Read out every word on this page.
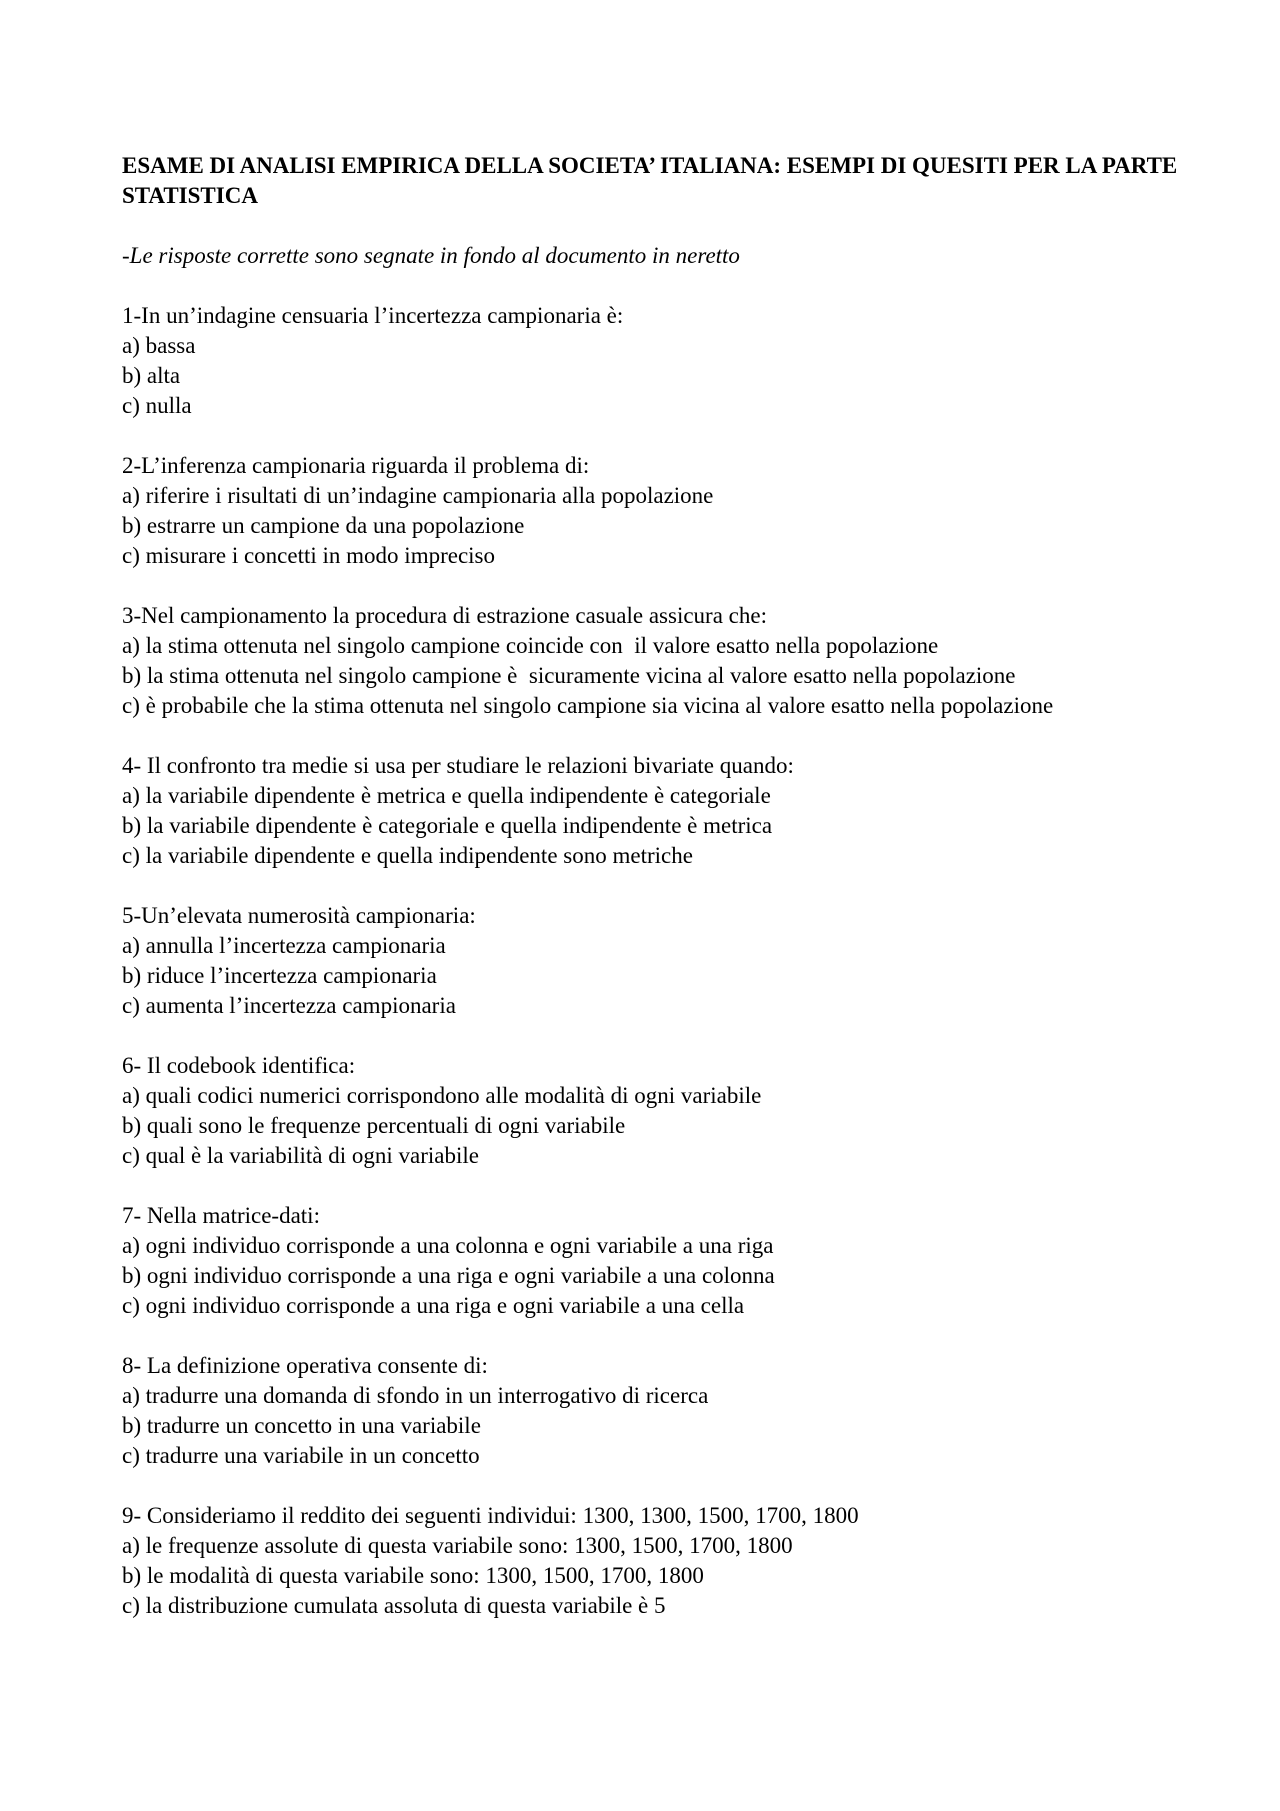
ESAME DI ANALISI EMPIRICA DELLA SOCIETA’ ITALIANA: ESEMPI DI QUESITI PER LA PARTE STATISTICA
-Le risposte corrette sono segnate in fondo al documento in neretto
1-In un’indagine censuaria l’incertezza campionaria è:
a) bassa
b) alta
c) nulla
2-L’inferenza campionaria riguarda il problema di:
a) riferire i risultati di un’indagine campionaria alla popolazione
b) estrarre un campione da una popolazione
c) misurare i concetti in modo impreciso
3-Nel campionamento la procedura di estrazione casuale assicura che:
a) la stima ottenuta nel singolo campione coincide con  il valore esatto nella popolazione
b) la stima ottenuta nel singolo campione è  sicuramente vicina al valore esatto nella popolazione
c) è probabile che la stima ottenuta nel singolo campione sia vicina al valore esatto nella popolazione
4- Il confronto tra medie si usa per studiare le relazioni bivariate quando:
a) la variabile dipendente è metrica e quella indipendente è categoriale
b) la variabile dipendente è categoriale e quella indipendente è metrica
c) la variabile dipendente e quella indipendente sono metriche
5-Un’elevata numerosità campionaria:
a) annulla l’incertezza campionaria
b) riduce l’incertezza campionaria
c) aumenta l’incertezza campionaria
6- Il codebook identifica:
a) quali codici numerici corrispondono alle modalità di ogni variabile
b) quali sono le frequenze percentuali di ogni variabile
c) qual è la variabilità di ogni variabile
7- Nella matrice-dati:
a) ogni individuo corrisponde a una colonna e ogni variabile a una riga
b) ogni individuo corrisponde a una riga e ogni variabile a una colonna
c) ogni individuo corrisponde a una riga e ogni variabile a una cella
8- La definizione operativa consente di:
a) tradurre una domanda di sfondo in un interrogativo di ricerca
b) tradurre un concetto in una variabile
c) tradurre una variabile in un concetto
9- Consideriamo il reddito dei seguenti individui: 1300, 1300, 1500, 1700, 1800
a) le frequenze assolute di questa variabile sono: 1300, 1500, 1700, 1800
b) le modalità di questa variabile sono: 1300, 1500, 1700, 1800
c) la distribuzione cumulata assoluta di questa variabile è 5
